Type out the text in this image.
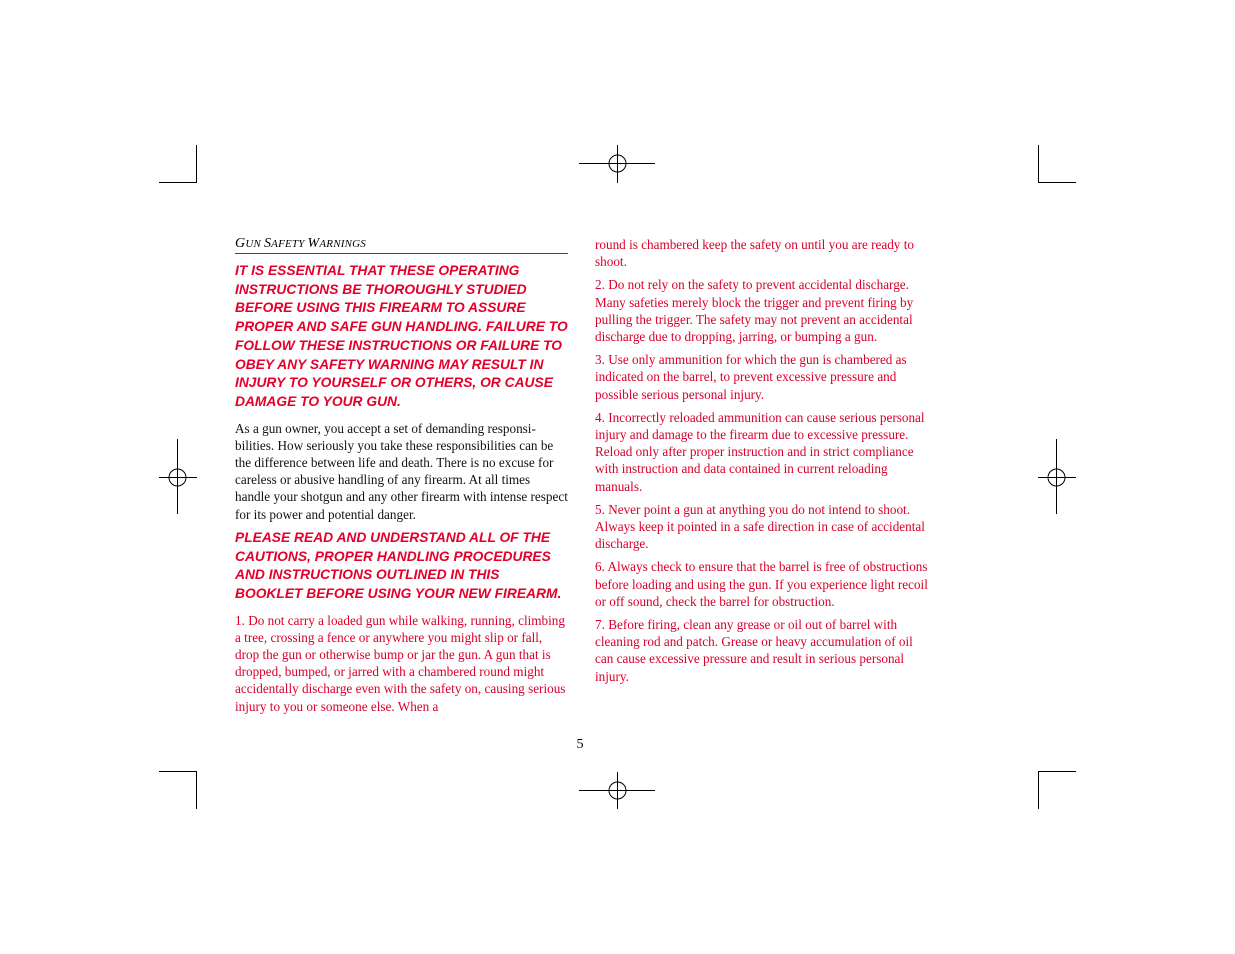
GUN SAFETY WARNINGS

IT IS ESSENTIAL THAT THESE OPERATING INSTRUCTIONS BE THOROUGHLY STUDIED BEFORE USING THIS FIREARM TO ASSURE PROPER AND SAFE GUN HANDLING. FAILURE TO FOLLOW THESE INSTRUCTIONS OR FAILURE TO OBEY ANY SAFETY WARNING MAY RESULT IN INJURY TO YOURSELF OR OTHERS, OR CAUSE DAMAGE TO YOUR GUN.

As a gun owner, you accept a set of demanding responsi-bilities. How seriously you take these responsibilities can be the difference between life and death. There is no excuse for careless or abusive handling of any firearm. At all times handle your shotgun and any other firearm with intense respect for its power and potential danger.

PLEASE READ AND UNDERSTAND ALL OF THE CAUTIONS, PROPER HANDLING PROCEDURES AND INSTRUCTIONS OUTLINED IN THIS BOOKLET BEFORE USING YOUR NEW FIREARM.

1. Do not carry a loaded gun while walking, running, climbing a tree, crossing a fence or anywhere you might slip or fall, drop the gun or otherwise bump or jar the gun. A gun that is dropped, bumped, or jarred with a chambered round might accidentally discharge even with the safety on, causing serious injury to you or someone else. When a

round is chambered keep the safety on until you are ready to shoot.

2. Do not rely on the safety to prevent accidental discharge. Many safeties merely block the trigger and prevent firing by pulling the trigger. The safety may not prevent an accidental discharge due to dropping, jarring, or bumping a gun.

3. Use only ammunition for which the gun is chambered as indicated on the barrel, to prevent excessive pressure and possible serious personal injury.

4. Incorrectly reloaded ammunition can cause serious personal injury and damage to the firearm due to excessive pressure. Reload only after proper instruction and in strict compliance with instruction and data contained in current reloading manuals.

5. Never point a gun at anything you do not intend to shoot. Always keep it pointed in a safe direction in case of accidental discharge.

6. Always check to ensure that the barrel is free of obstructions before loading and using the gun. If you experience light recoil or off sound, check the barrel for obstruction.

7. Before firing, clean any grease or oil out of barrel with cleaning rod and patch. Grease or heavy accumulation of oil can cause excessive pressure and result in serious personal injury.

5
